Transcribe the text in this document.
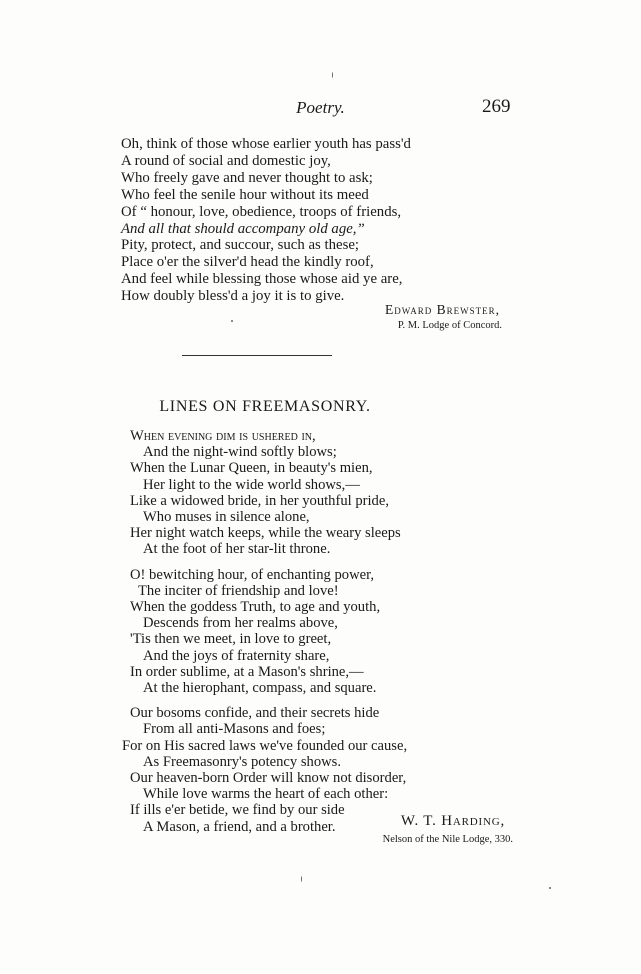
Poetry.	269
Oh, think of those whose earlier youth has pass'd
A round of social and domestic joy,
Who freely gave and never thought to ask;
Who feel the senile hour without its meed
Of “ honour, love, obedience, troops of friends,
And all that should accompany old age,”
Pity, protect, and succour, such as these;
Place o'er the silver'd head the kindly roof,
And feel while blessing those whose aid ye are,
How doubly bless'd a joy it is to give.
Edward Brewster,
P. M. Lodge of Concord.
LINES ON FREEMASONRY.
When evening dim is ushered in,
And the night-wind softly blows;
When the Lunar Queen, in beauty's mien,
Her light to the wide world shows,—
Like a widowed bride, in her youthful pride,
Who muses in silence alone,
Her night watch keeps, while the weary sleeps
At the foot of her star-lit throne.
O! bewitching hour, of enchanting power,
The inciter of friendship and love!
When the goddess Truth, to age and youth,
Descends from her realms above,
'Tis then we meet, in love to greet,
And the joys of fraternity share,
In order sublime, at a Mason's shrine,—
At the hierophant, compass, and square.
Our bosoms confide, and their secrets hide
From all anti-Masons and foes;
For on His sacred laws we've founded our cause,
As Freemasonry's potency shows.
Our heaven-born Order will know not disorder,
While love warms the heart of each other:
If ills e'er betide, we find by our side
A Mason, a friend, and a brother.	W. T. Harding,
Nelson of the Nile Lodge, 330.
